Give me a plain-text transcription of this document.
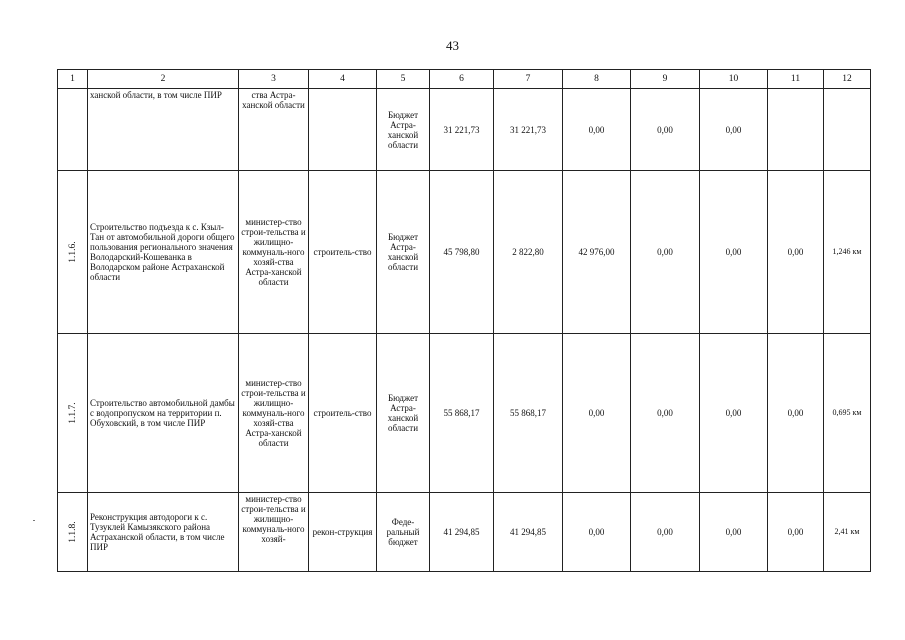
43
1	2	3	4	5	6	7	8	9	10	11	12

	ханской области, в том числе ПИР	ства Астра-ханской области		Бюджет Астра-ханской области	31 221,73	31 221,73	0,00	0,00	0,00		

1.1.6.	Строительство подъезда к с. Кзыл-Тан от автомобильной дороги общего пользования регионального значения Володарский-Кошеванка в Володарском районе Астраханской области	министер-ство строи-тельства и жилищно-коммуналь-ного хозяй-ства Астра-ханской области	строитель-ство	Бюджет Астра-ханской области	45 798,80	2 822,80	42 976,00	0,00	0,00	0,00	1,246 км

1.1.7.	Строительство автомобильной дамбы с водопропуском на территории п. Обуховский, в том числе ПИР	министер-ство строи-тельства и жилищно-коммуналь-ного хозяй-ства Астра-ханской области	строитель-ство	Бюджет Астра-ханской области	55 868,17	55 868,17	0,00	0,00	0,00	0,00	0,695 км

1.1.8.	Реконструкция автодороги к с. Тузуклей Камызякского района Астраханской области, в том числе ПИР	министер-ство строи-тельства и жилищно-коммуналь-ного хозяй-	рекон-струкция	Феде-ральный бюджет	41 294,85	41 294,85	0,00	0,00	0,00	0,00	2,41 км
